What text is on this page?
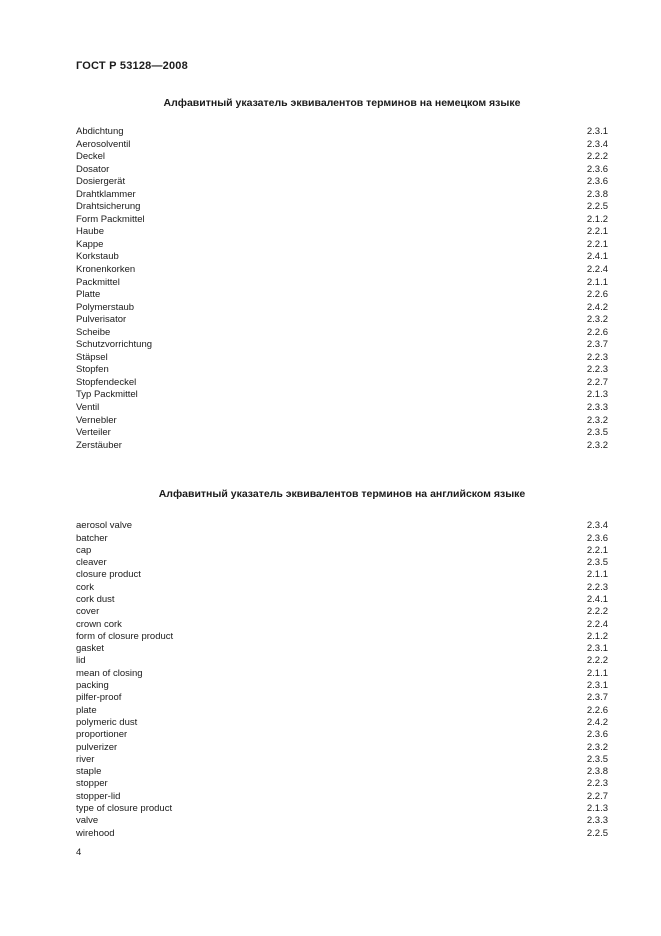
ГОСТ Р 53128—2008
Алфавитный указатель эквивалентов терминов на немецком языке
Abdichtung	2.3.1
Aerosolventil	2.3.4
Deckel	2.2.2
Dosator	2.3.6
Dosiergerät	2.3.6
Drahtklammer	2.3.8
Drahtsicherung	2.2.5
Form Packmittel	2.1.2
Haube	2.2.1
Kappe	2.2.1
Korkstaub	2.4.1
Kronenkorken	2.2.4
Packmittel	2.1.1
Platte	2.2.6
Polymerstaub	2.4.2
Pulverisator	2.3.2
Scheibe	2.2.6
Schutzvorrichtung	2.3.7
Stäpsel	2.2.3
Stopfen	2.2.3
Stopfendeckel	2.2.7
Typ Packmittel	2.1.3
Ventil	2.3.3
Vernebler	2.3.2
Verteiler	2.3.5
Zerstäuber	2.3.2
Алфавитный указатель эквивалентов терминов на английском языке
aerosol valve	2.3.4
batcher	2.3.6
cap	2.2.1
cleaver	2.3.5
closure product	2.1.1
cork	2.2.3
cork dust	2.4.1
cover	2.2.2
crown cork	2.2.4
form of closure product	2.1.2
gasket	2.3.1
lid	2.2.2
mean of closing	2.1.1
packing	2.3.1
pilfer-proof	2.3.7
plate	2.2.6
polymeric dust	2.4.2
proportioner	2.3.6
pulverizer	2.3.2
river	2.3.5
staple	2.3.8
stopper	2.2.3
stopper-lid	2.2.7
type of closure product	2.1.3
valve	2.3.3
wirehood	2.2.5
4
